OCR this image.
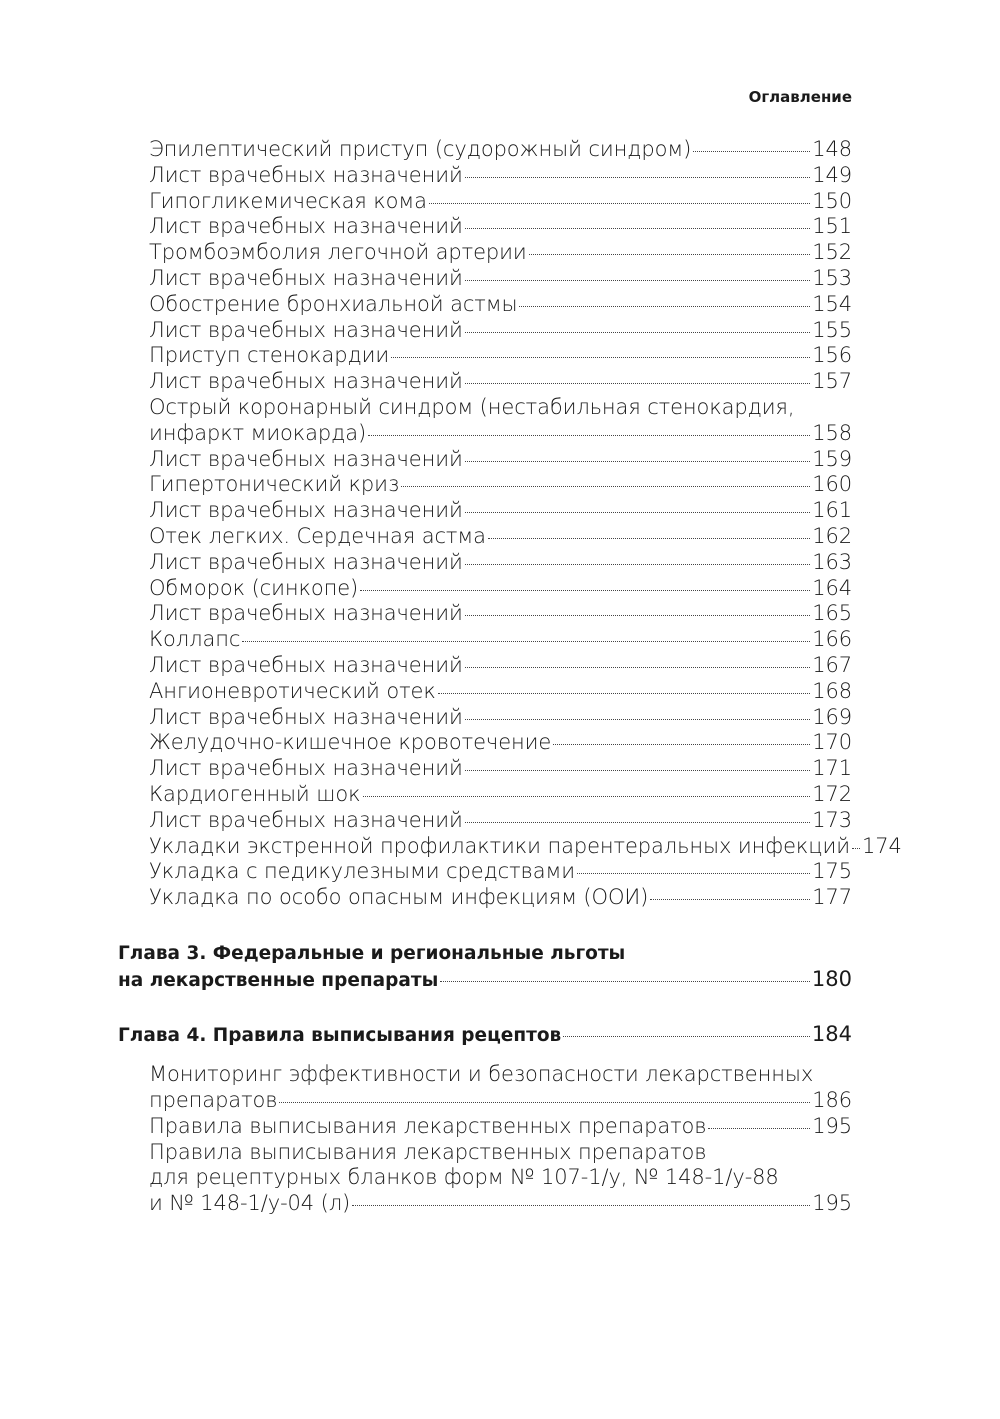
Оглавление
Эпилептический приступ (судорожный синдром)	148
Лист врачебных назначений	149
Гипогликемическая кома	150
Лист врачебных назначений	151
Тромбоэмболия легочной артерии	152
Лист врачебных назначений	153
Обострение бронхиальной астмы	154
Лист врачебных назначений	155
Приступ стенокардии	156
Лист врачебных назначений	157
Острый коронарный синдром (нестабильная стенокардия,
инфаркт миокарда)	158
Лист врачебных назначений	159
Гипертонический криз	160
Лист врачебных назначений	161
Отек легких. Сердечная астма	162
Лист врачебных назначений	163
Обморок (синкопе)	164
Лист врачебных назначений	165
Коллапс	166
Лист врачебных назначений	167
Ангионевротический отек	168
Лист врачебных назначений	169
Желудочно-кишечное кровотечение	170
Лист врачебных назначений	171
Кардиогенный шок	172
Лист врачебных назначений	173
Укладки экстренной профилактики парентеральных инфекций 174
Укладка с педикулезными средствами	175
Укладка по особо опасным инфекциям (ООИ)	177
Глава 3. Федеральные и региональные льготы
на лекарственные препараты	180
Глава 4. Правила выписывания рецептов	184
Мониторинг эффективности и безопасности лекарственных
препаратов	186
Правила выписывания лекарственных препаратов	195
Правила выписывания лекарственных препаратов
для рецептурных бланков форм № 107-1/у, № 148-1/у-88
и № 148-1/у-04 (л)	195
